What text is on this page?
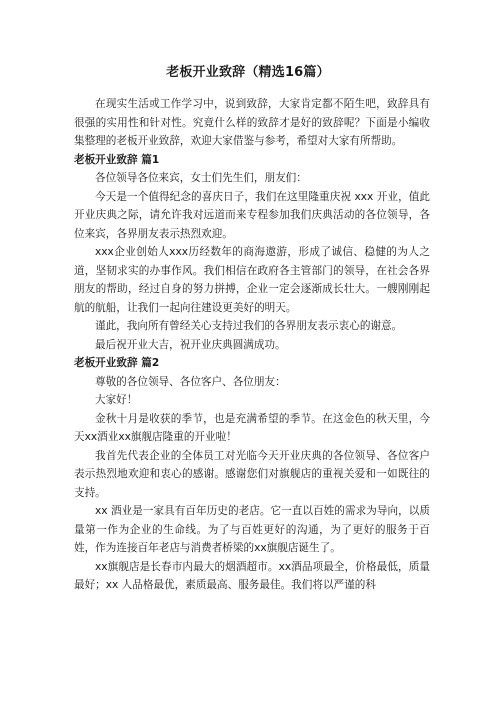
老板开业致辞（精选16篇）

在现实生活或工作学习中，说到致辞，大家肯定都不陌生吧，致辞具有很强的实用性和针对性。究竟什么样的致辞才是好的致辞呢？下面是小编收集整理的老板开业致辞，欢迎大家借鉴与参考，希望对大家有所帮助。

老板开业致辞 篇1

各位领导各位来宾，女士们先生们，朋友们：

今天是一个值得纪念的喜庆日子，我们在这里隆重庆祝 xxx 开业，值此开业庆典之际，请允许我对远道而来专程参加我们庆典活动的各位领导，各位来宾，各界朋友表示热烈欢迎。

xxx企业创始人xxx历经数年的商海遨游，形成了诚信、稳健的为人之道，坚韧求实的办事作风。我们相信在政府各主管部门的领导，在社会各界朋友的帮助，经过自身的努力拼搏，企业一定会逐渐成长壮大。一艘刚刚起航的航船，让我们一起向往建设更美好的明天。

谨此，我向所有曾经关心支持过我们的各界朋友表示衷心的谢意。

最后祝开业大吉，祝开业庆典圆满成功。

老板开业致辞 篇2

尊敬的各位领导、各位客户、各位朋友：

大家好！

金秋十月是收获的季节，也是充满希望的季节。在这金色的秋天里，今天xx酒业xx旗舰店隆重的开业啦！

我首先代表企业的全体员工对光临今天开业庆典的各位领导、各位客户表示热烈地欢迎和衷心的感谢。感谢您们对旗舰店的重视关爱和一如既往的支持。

xx 酒业是一家具有百年历史的老店。它一直以百姓的需求为导向，以质量第一作为企业的生命线。为了与百姓更好的沟通，为了更好的服务于百姓，作为连接百年老店与消费者桥梁的xx旗舰店诞生了。

xx旗舰店是长春市内最大的烟酒超市。xx酒品项最全，价格最低，质量最好；xx 人品格最优，素质最高、服务最佳。我们将以严谨的科
